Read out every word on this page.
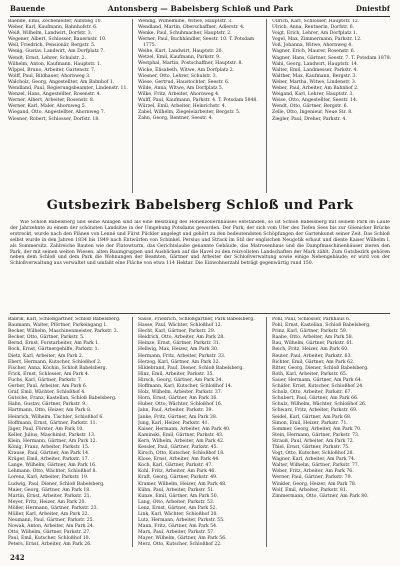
Bauende	Antonsberg — Babelsberg Schloß und Park	Dniestbf
Baende, Emil, Zechenleiter, Aufstieg 10.
Weber, Karl, Kaufmann, Bahnhofstr. 6.
Weiß, Wilhelm, Landwirt, Dorfstr. 3.
Wegener, Albert, Schlosser, Bauernstr. 10.
Weil, Friedrich, Pensionär, Bergstr. 5.
Wenig, Gustav, Landwirt, Am Dorfplatz 7.
Wendt, Ernst, Lehrer, Schulstr. 2.
Wilhelm, Anton, Kaufmann, Hauptstr. 1.
Wippel, Bruno, Arbeiter, Gartenstr. 7.
Wolff, Paul, Bildhauer, Ahornweg 3.
Walcholz, Georg, Angestellter, Am Bahnhof 1.
Wendland, Paul, Regierungsbeamter, Lindenstr. 11.
Wenzel, Hans, Angestellter, Rosenstr. 4.
Werner, Albert, Arbeiter, Rosenstr. 8.
Werner, Karl, Maler, Ahornweg 5.
Wiegand, Otto, Angestellter, Ahornweg 7.
Wiesner, Robert, Schlosser, Dorfstr. 18.
Wendig, Wilhelmine, Witwe, Hauptstr. 3.
Wendland, Martin, Oberschaffner, Adlerstr. 4.
Wenke, Paul, Schuhmacher, Hauptstr. 2.
Werner, Paul, Buchhändler, Seestr. 10. T. Potsdam 1775.
Weihe, Kurt, Landwirt, Hauptstr. 20.
Wetzel, Emil, Kaufmann, Parkstr. 9.
Westphal, Martin, Postschaffner, Hauptstr. 8.
Wicke, Elisabeth, Witwe, Am Dorfplatz 2.
Wiesner, Otto, Lehrer, Schulstr. 3.
Wiese, Gertrud, Haustochter, Seestr. 6.
Wilde, Anna, Witwe, Am Dorfplatz 5.
Wilke, Fritz, Arbeiter, Ahornweg 4.
Wulff, Paul, Kaufmann, Parkstr. 4. T. Potsdam 5848.
Würzel, Emil, Arbeiter, Heinrichstr. 4.
Zabel, Wilhelm, Ziegeleiarbeiter, Bergstr. 5.
Zahn, Georg, Rentner, Seestr. 4.
Ullrich, Karl, Schlosser, Hauptstr. 12.
Ulrich, Anna, Rentnerin, Dorfstr. 6.
Voigt, Erich, Lehrer, Am Dorfplatz 1.
Vogel, Max, Zimmermann, Parkstr. 12.
Voß, Johanna, Witwe, Ahornweg 4.
Wagner, Erich, Maurer, Rosenstr. 6.
Wagner, Hans, Gärtner, Seestr. 7. T. Potsdam 1878.
Wahl, Georg, Landwirt, Hauptstr. 14.
Walter, Emil, Landmesser, Parkstr. 4.
Walther, Max, Kaufmann, Bergstr. 3.
Weber, Martha, Witwe, Lindenstr. 3.
Weber, Paul, Arbeiter, Am Bahnhof 2.
Weigand, Karl, Lehrer, Hauptstr. 3.
Weise, Otto, Angestellter, Seestr. 14.
Wendt, Otto, Gärtner, Bergstr. 6.
Zelle, Otto, Ingenieur, Neue Str. 8.
Ziegler, Paul, Dreher, Parkstr. 4.
Gutsbezirk Babelsberg Schloß und Park

Wie Schloß Babelsberg und seine Anlagen sind als eine Besitzung des Hohenzollernhauses entstanden, so ist Schloß Babelsberg mit seinem Park im Laufe der Jahrzehnte zu einem der schönsten Landsitze in der Umgebung Potsdams geworden. Der Park, der sich vom Ufer des Tiefen Sees bis zur Glienicker Brücke erstreckt, wurde nach den Plänen von Lenné und Fürst Pückler angelegt und gehört zu den bedeutendsten Schöpfungen der Gartenkunst seiner Zeit. Das Schloß selbst wurde in den Jahren 1834 bis 1849 nach Entwürfen von Schinkel, Persius und Strack im Stil der englischen Neugotik erbaut und diente Kaiser Wilhelm I. als Sommersitz. Zahlreiche Bauten wie der Flatowturm, das Gerichtslaube genannte Gebäude, das Matrosenhaus und die Dampfmaschinenhäuser zieren den Park, der mit seinen weiten Wiesen, alten Baumgruppen und Ausblicken auf die Havel zu den reizvollsten Landschaften der Mark zählt. Zum Gutsbezirk gehören neben dem Schloß und dem Park die Wohnungen der Beamten, Gärtner und Arbeiter der Schloßverwaltung sowie einige Nebengebäude; er wird von der Schloßverwaltung aus verwaltet und umfaßt eine Fläche von etwa 114 Hektar. Die Einwohnerzahl beträgt gegenwärtig rund 150.

Babrik, Karl, Schloßgärtner, Schloß Babelsberg.
Baumann, Walter, Pförtner, Parkeingang 1.
Becker, Wilhelm, Maschinenmeister, Parkstr. 3.
Becker, Otto, Gärtner, Parkstr. 5.
Bernd, Ernst, Forstarbeiter, Am Park 1.
Bock, Ernst, Gärtnergehilfe, Parkstr. 1.
Dietz, Karl, Arbeiter, Am Park 2.
Ebert, Hermann, Kutscher, Schloßhof 2.
Fischer, Anna, Köchin, Schloß Babelsberg.
Frick, Ernst, Schlosser, Am Park 4.
Fuchs, Karl, Gärtner, Parkstr. 7.
Gerber, Paul, Arbeiter, Am Park 6.
Graf, Emil, Wächter, Schloßhof 4.
Gutsche, Franz, Kastellan, Schloß Babelsberg.
Hahn, Gustav, Gärtner, Parkstr. 9.
Hartmann, Otto, Heizer, Am Park 8.
Heinrich, Wilhelm, Tischler, Schloßhof 6.
Hoffmann, Ernst, Gärtner, Parkstr. 11.
Jäger, Paul, Förster, Am Park 10.
Keller, Julius, Maschinist, Parkstr. 13.
Klein, Hermann, Gärtner, Am Park 12.
König, Franz, Arbeiter, Parkstr. 15.
Krause, Paul, Gärtner, Am Park 14.
Krüger, Emil, Arbeiter, Parkstr. 17.
Lange, Wilhelm, Gärtner, Am Park 16.
Lehmann, Otto, Wächter, Schloßhof 8.
Lorenz, Karl, Arbeiter, Parkstr. 19.
Ludwig, Paul, Diener, Schloß Babelsberg.
Maier, Georg, Gärtner, Am Park 18.
Martin, Ernst, Arbeiter, Parkstr. 21.
Meyer, Fritz, Heizer, Am Park 20.
Möller, Hermann, Gärtner, Parkstr. 23.
Müller, Karl, Arbeiter, Am Park 22.
Neumann, Paul, Gärtner, Parkstr. 25.
Nowak, Anton, Arbeiter, Am Park 24.
Otto, Wilhelm, Gärtner, Parkstr. 27.
Paul, Emil, Kutscher, Schloßhof 10.
Peters, Ernst, Arbeiter, Am Park 26.
Sasse, Friedrich, Schloßgärtner, Park Babelsberg.
Hasse, Paul, Wächter, Schloßhof 12.
Hecht, Karl, Gärtner, Parkstr. 29.
Heidrich, Otto, Arbeiter, Am Park 28.
Heinze, Ernst, Gärtner, Parkstr. 31.
Hellwig, Max, Heizer, Am Park 30.
Hermann, Fritz, Arbeiter, Parkstr. 33.
Herzog, Karl, Gärtner, Am Park 32.
Hildebrand, Paul, Diener, Schloß Babelsberg.
Hinz, Emil, Arbeiter, Parkstr. 35.
Hirsch, Georg, Gärtner, Am Park 34.
Hoffmann, Karl, Kutscher, Schloßhof 14.
Holz, Wilhelm, Arbeiter, Parkstr. 37.
Horn, Ernst, Gärtner, Am Park 36.
Huber, Otto, Wächter, Schloßhof 16.
Jahn, Paul, Arbeiter, Parkstr. 39.
Janke, Fritz, Gärtner, Am Park 38.
Jung, Karl, Heizer, Parkstr. 41.
Kaiser, Hermann, Arbeiter, Am Park 40.
Kaminski, Emil, Gärtner, Parkstr. 43.
Kern, Wilhelm, Arbeiter, Am Park 42.
Kessler, Paul, Gärtner, Parkstr. 45.
Kirsch, Otto, Kutscher, Schloßhof 18.
Klose, Ernst, Arbeiter, Am Park 44.
Koch, Karl, Gärtner, Parkstr. 47.
Kohl, Fritz, Arbeiter, Am Park 46.
Kraft, Georg, Gärtner, Parkstr. 49.
Kramer, Wilhelm, Heizer, Am Park 48.
Kühn, Paul, Arbeiter, Parkstr. 51.
Kunze, Emil, Gärtner, Am Park 50.
Lang, Otto, Arbeiter, Parkstr. 53.
Lenz, Ernst, Gärtner, Am Park 52.
Link, Karl, Wächter, Schloßhof 20.
Lutz, Hermann, Arbeiter, Parkstr. 55.
Mann, Fritz, Gärtner, Am Park 54.
Marx, Paul, Arbeiter, Parkstr. 57.
Mayer, Wilhelm, Gärtner, Am Park 56.
Merz, Otto, Kutscher, Schloßhof 22.
Pohl, Paul, Schlosser, Parkhaus 6.
Pohl, Ernst, Kastellan, Schloß Babelsberg.
Prinz, Karl, Gärtner, Parkstr. 59.
Raabe, Otto, Arbeiter, Am Park 58.
Rau, Wilhelm, Gärtner, Parkstr. 61.
Reich, Fritz, Heizer, Am Park 60.
Reuter, Paul, Arbeiter, Parkstr. 63.
Richter, Emil, Gärtner, Am Park 62.
Ritter, Georg, Diener, Schloß Babelsberg.
Roth, Karl, Arbeiter, Parkstr. 65.
Sauer, Hermann, Gärtner, Am Park 64.
Schäfer, Ernst, Kutscher, Schloßhof 24.
Scholz, Otto, Arbeiter, Parkstr. 67.
Schubert, Paul, Gärtner, Am Park 66.
Schulz, Wilhelm, Wächter, Schloßhof 26.
Schwarz, Fritz, Arbeiter, Parkstr. 69.
Seidel, Karl, Gärtner, Am Park 68.
Simon, Emil, Heizer, Parkstr. 71.
Sommer, Georg, Arbeiter, Am Park 70.
Stein, Hermann, Gärtner, Parkstr. 73.
Strauß, Paul, Arbeiter, Am Park 72.
Thiel, Ernst, Gärtner, Parkstr. 75.
Vogt, Otto, Kutscher, Schloßhof 28.
Wagner, Karl, Arbeiter, Am Park 74.
Walter, Wilhelm, Gärtner, Parkstr. 77.
Weber, Fritz, Arbeiter, Am Park 76.
Werner, Paul, Gärtner, Parkstr. 79.
Winkler, Georg, Heizer, Am Park 78.
Wolf, Emil, Arbeiter, Parkstr. 81.
Zimmermann, Otto, Gärtner, Am Park 80.
242
